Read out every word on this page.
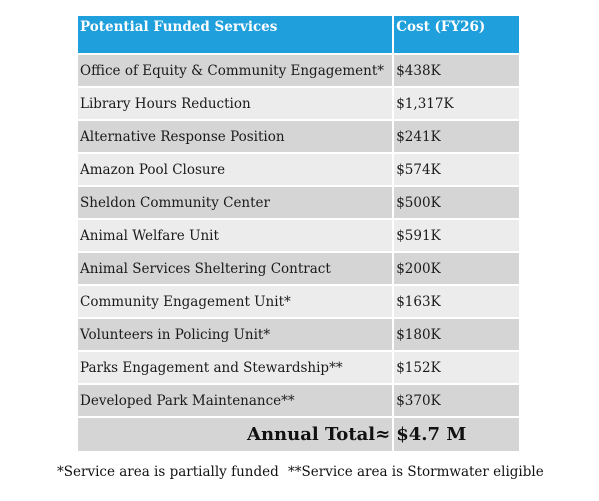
Potential Funded Services	Cost (FY26)
Office of Equity & Community Engagement*	$438K
Library Hours Reduction	$1,317K
Alternative Response Position	$241K
Amazon Pool Closure	$574K
Sheldon Community Center	$500K
Animal Welfare Unit	$591K
Animal Services Sheltering Contract	$200K
Community Engagement Unit*	$163K
Volunteers in Policing Unit*	$180K
Parks Engagement and Stewardship**	$152K
Developed Park Maintenance**	$370K
Annual Total≈	$4.7 M
*Service area is partially funded **Service area is Stormwater eligible
